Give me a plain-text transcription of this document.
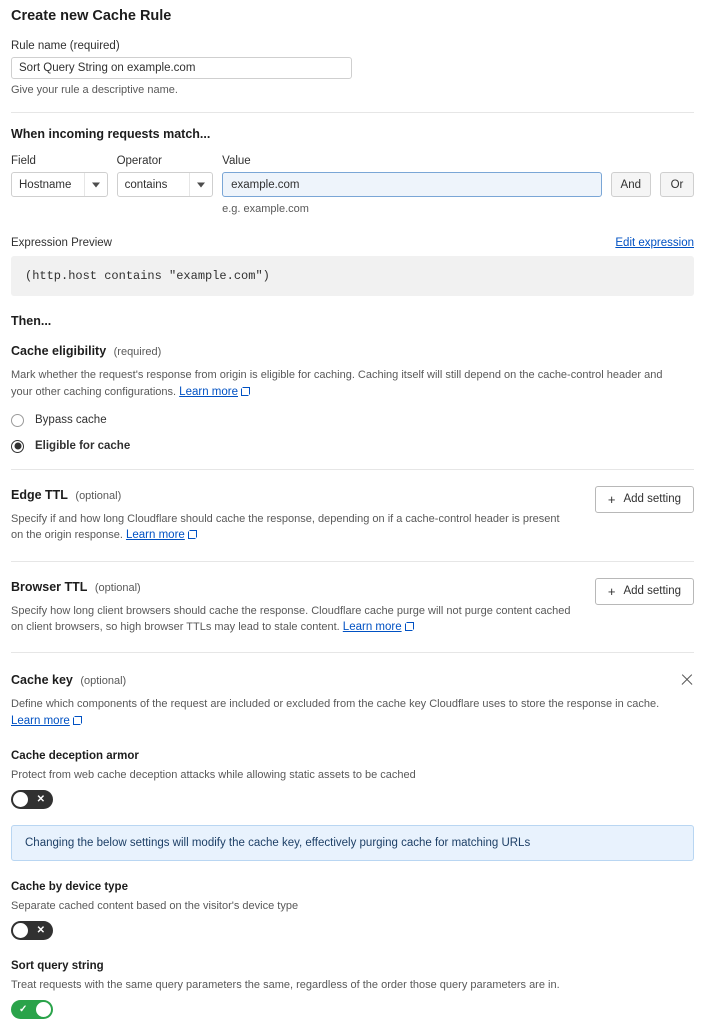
Create new Cache Rule
Rule name (required)
Sort Query String on example.com
Give your rule a descriptive name.
When incoming requests match...
Field
Hostname
Operator
contains
Value
example.com
e.g. example.com

And
	Or
Expression Preview	Edit expression
(http.host contains "example.com")
Then...
Cache eligibility (required)
Mark whether the request's response from origin is eligible for caching. Caching itself will still depend on the cache-control header and your other caching configurations. Learn more
Bypass cache
Eligible for cache
Edge TTL (optional)
Specify if and how long Cloudflare should cache the response, depending on if a cache-control header is present on the origin response. Learn more
+ Add setting
Browser TTL (optional)
Specify how long client browsers should cache the response. Cloudflare cache purge will not purge content cached on client browsers, so high browser TTLs may lead to stale content. Learn more
+ Add setting
Cache key (optional)
Define which components of the request are included or excluded from the cache key Cloudflare uses to store the response in cache. Learn more
Cache deception armor
Protect from web cache deception attacks while allowing static assets to be cached
✕
Changing the below settings will modify the cache key, effectively purging cache for matching URLs
Cache by device type
Separate cached content based on the visitor's device type
✕
Sort query string
Treat requests with the same query parameters the same, regardless of the order those query parameters are in.
✓
